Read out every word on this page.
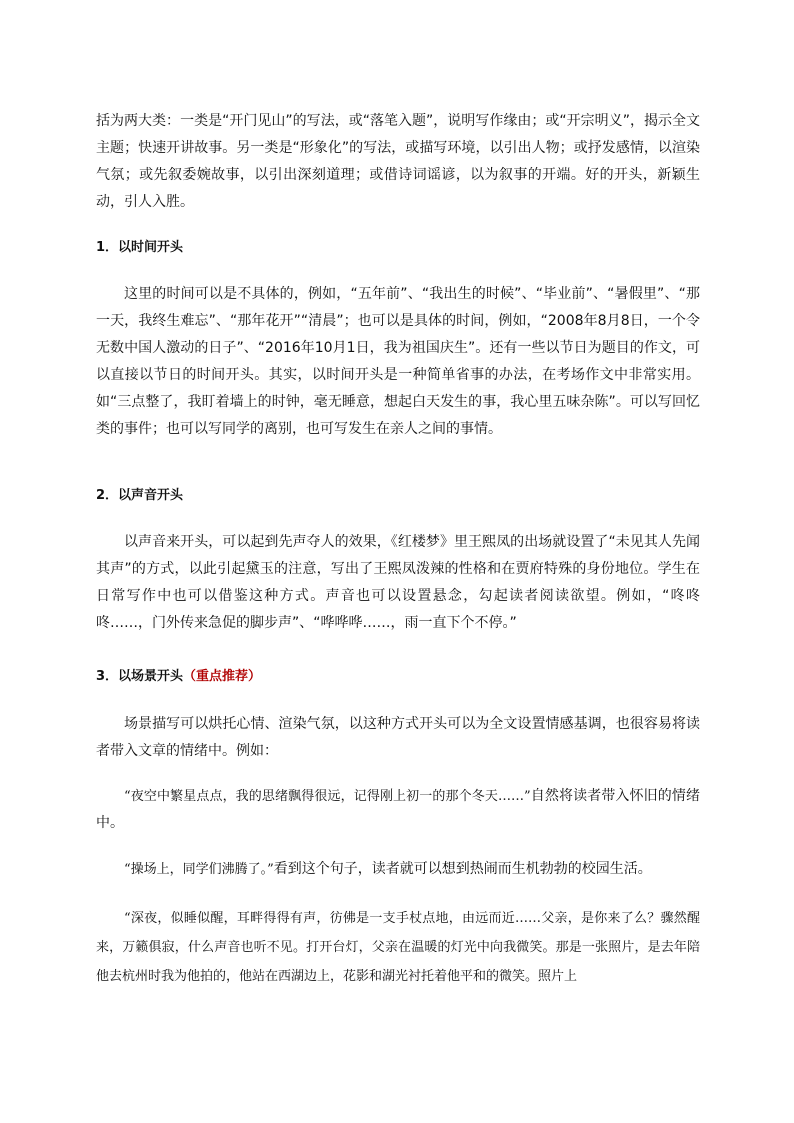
括为两大类：一类是“开门见山”的写法，或“落笔入题”，说明写作缘由；或“开宗明义”，揭示全文主题；快速开讲故事。另一类是“形象化”的写法，或描写环境，以引出人物；或抒发感情，以渲染气氛；或先叙委婉故事，以引出深刻道理；或借诗词谣谚，以为叙事的开端。好的开头，新颖生动，引人入胜。

1．以时间开头

这里的时间可以是不具体的，例如，“五年前”、“我出生的时候”、“毕业前”、“暑假里”、“那一天，我终生难忘”、“那年花开”“清晨”；也可以是具体的时间，例如，“2008年8月8日，一个令无数中国人激动的日子”、“2016年10月1日，我为祖国庆生”。还有一些以节日为题目的作文，可以直接以节日的时间开头。其实，以时间开头是一种简单省事的办法，在考场作文中非常实用。如“三点整了，我盯着墙上的时钟，毫无睡意，想起白天发生的事，我心里五味杂陈”。可以写回忆类的事件；也可以写同学的离别，也可写发生在亲人之间的事情。

2．以声音开头

以声音来开头，可以起到先声夺人的效果，《红楼梦》里王熙凤的出场就设置了“未见其人先闻其声”的方式，以此引起黛玉的注意，写出了王熙凤泼辣的性格和在贾府特殊的身份地位。学生在日常写作中也可以借鉴这种方式。声音也可以设置悬念，勾起读者阅读欲望。例如，“咚咚咚……，门外传来急促的脚步声”、“哗哗哗……，雨一直下个不停。”

3．以场景开头（重点推荐）

场景描写可以烘托心情、渲染气氛，以这种方式开头可以为全文设置情感基调，也很容易将读者带入文章的情绪中。例如：

“夜空中繁星点点，我的思绪飘得很远，记得刚上初一的那个冬天……”自然将读者带入怀旧的情绪中。

“操场上，同学们沸腾了。”看到这个句子，读者就可以想到热闹而生机勃勃的校园生活。

“深夜，似睡似醒，耳畔得得有声，彷佛是一支手杖点地，由远而近……父亲，是你来了么？骤然醒来，万籁俱寂，什么声音也听不见。打开台灯，父亲在温暖的灯光中向我微笑。那是一张照片，是去年陪他去杭州时我为他拍的，他站在西湖边上，花影和湖光衬托着他平和的微笑。照片上
